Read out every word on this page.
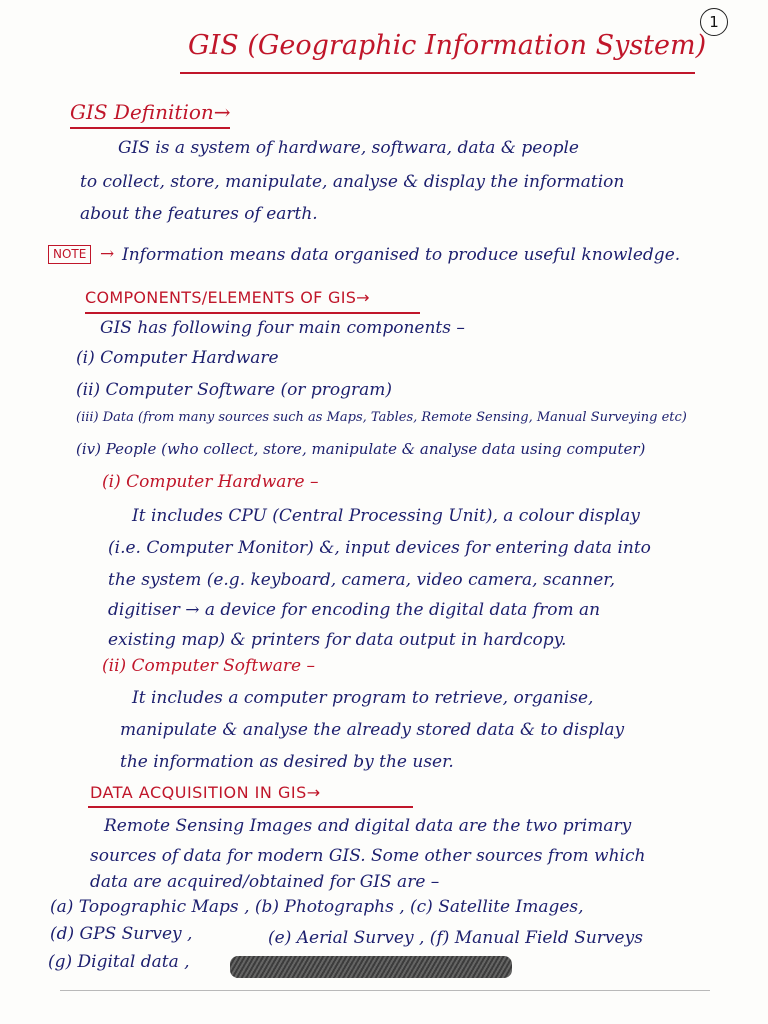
1
GIS (Geographic Information System)
GIS Definition→
GIS is a system of hardware, softwara, data & people
to collect, store, manipulate, analyse & display the information
about the features of earth.
NOTE → Information means data organised to produce useful knowledge.
COMPONENTS/ELEMENTS OF GIS→
GIS has following four main components –
(i) Computer Hardware
(ii) Computer Software (or program)
(iii) Data (from many sources such as Maps, Tables, Remote Sensing, Manual Surveying etc)
(iv) People (who collect, store, manipulate & analyse data using computer)
(i) Computer Hardware –
It includes CPU (Central Processing Unit), a colour display
(i.e. Computer Monitor) &, input devices for entering data into
the system (e.g. keyboard, camera, video camera, scanner,
digitiser → a device for encoding the digital data from an
existing map) & printers for data output in hardcopy.
(ii) Computer Software –
It includes a computer program to retrieve, organise,
manipulate & analyse the already stored data & to display
the information as desired by the user.
DATA ACQUISITION IN GIS→
Remote Sensing Images and digital data are the two primary
sources of data for modern GIS. Some other sources from which
data are acquired/obtained for GIS are –
(a) Topographic Maps , (b) Photographs , (c) Satellite Images,
(d) GPS Survey ,	(e) Aerial Survey , (f) Manual Field Surveys
(g) Digital data ,
